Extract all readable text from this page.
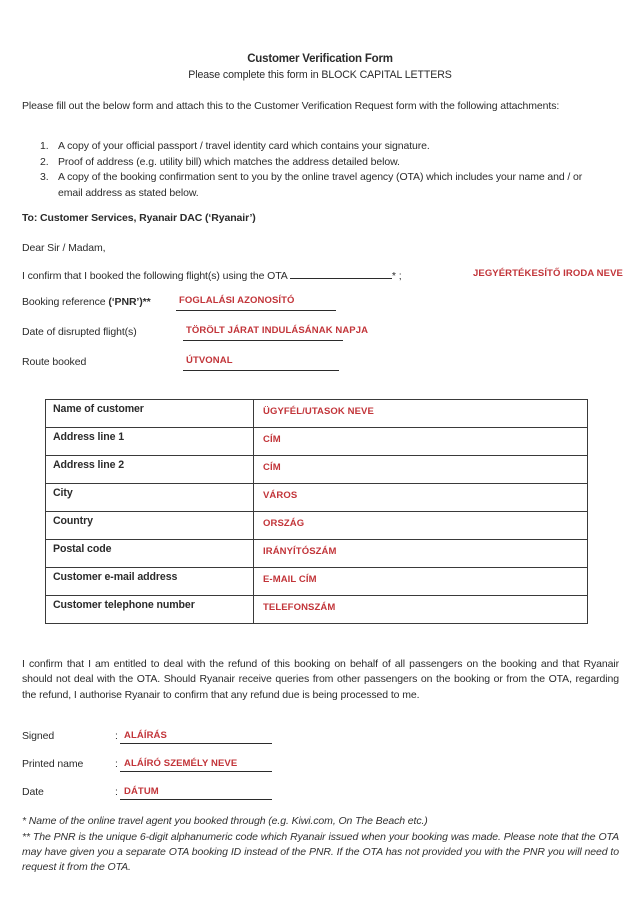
Customer Verification Form
Please complete this form in BLOCK CAPITAL LETTERS
Please fill out the below form and attach this to the Customer Verification Request form with the following attachments:
1. A copy of your official passport / travel identity card which contains your signature.
2. Proof of address (e.g. utility bill) which matches the address detailed below.
3. A copy of the booking confirmation sent to you by the online travel agency (OTA) which includes your name and / or email address as stated below.
To: Customer Services, Ryanair DAC (‘Ryanair’)
Dear Sir / Madam,
I confirm that I booked the following flight(s) using the OTA	* ;	JEGYÉRTÉKESÍTŐ IRODA NEVE
Booking reference (‘PNR’)**	FOGLALÁSI AZONOSÍTÓ
Date of disrupted flight(s)	TÖRÖLT JÁRAT INDULÁSÁNAK NAPJA
Route booked	ÚTVONAL
Name of customer	ÜGYFÉL/UTASOK NEVE
Address line 1	CÍM
Address line 2	CÍM
City	VÁROS
Country	ORSZÁG
Postal code	IRÁNYÍTÓSZÁM
Customer e-mail address	E-MAIL CÍM
Customer telephone number	TELEFONSZÁM
I confirm that I am entitled to deal with the refund of this booking on behalf of all passengers on the booking and that Ryanair should not deal with the OTA. Should Ryanair receive queries from other passengers on the booking or from the OTA, regarding the refund, I authorise Ryanair to confirm that any refund due is being processed to me.
Signed	: ALÁÍRÁS
Printed name	: ALÁÍRÓ SZEMÉLY NEVE
Date	: DÁTUM
* Name of the online travel agent you booked through (e.g. Kiwi.com, On The Beach etc.)
** The PNR is the unique 6-digit alphanumeric code which Ryanair issued when your booking was made. Please note that the OTA may have given you a separate OTA booking ID instead of the PNR. If the OTA has not provided you with the PNR you will need to request it from the OTA.
